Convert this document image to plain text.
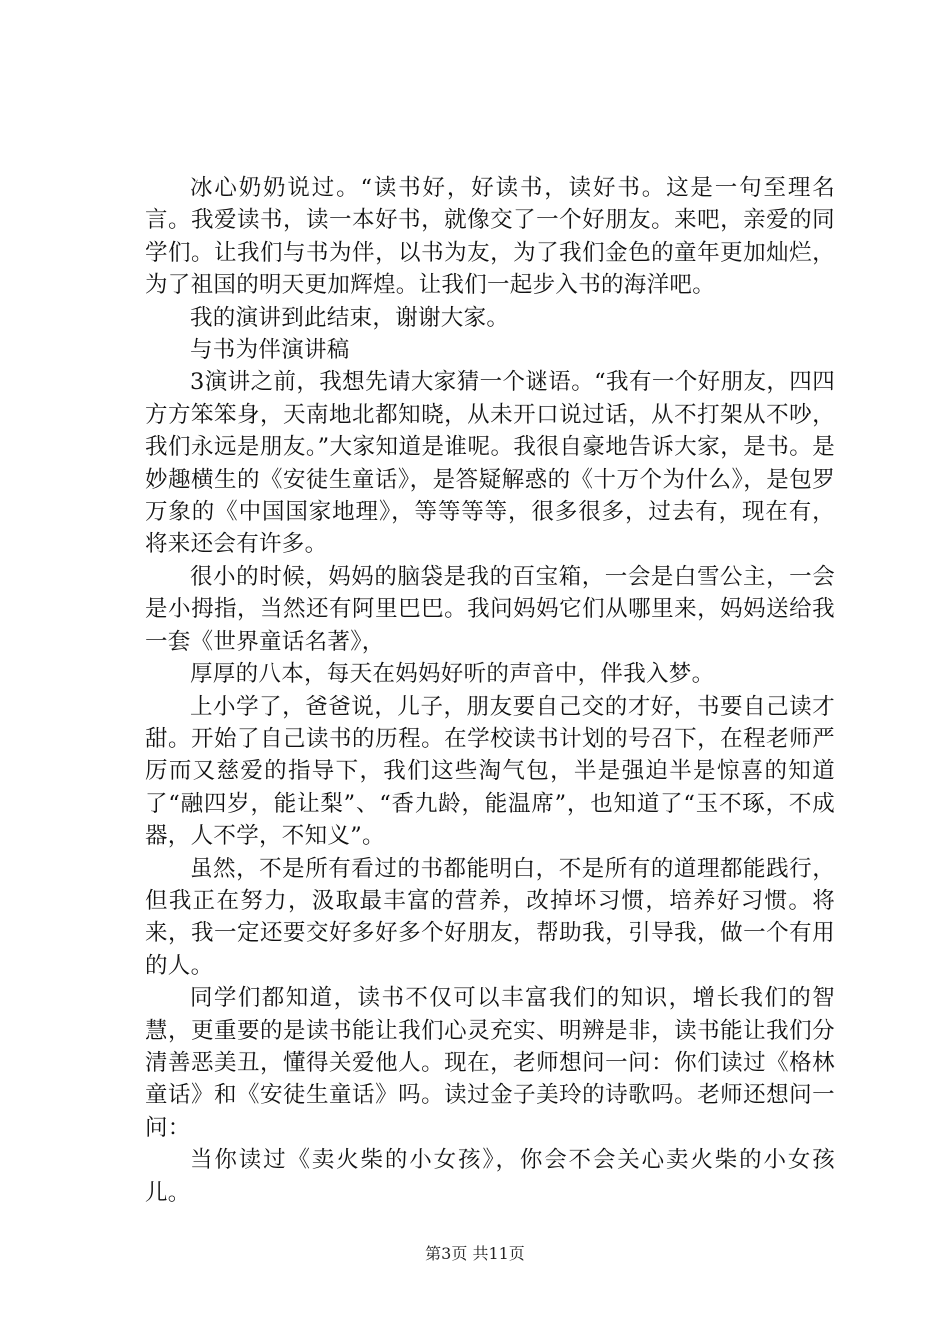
冰心奶奶说过。“读书好，好读书，读好书。这是一句至理名言。我爱读书，读一本好书，就像交了一个好朋友。来吧，亲爱的同学们。让我们与书为伴，以书为友，为了我们金色的童年更加灿烂，为了祖国的明天更加辉煌。让我们一起步入书的海洋吧。

我的演讲到此结束，谢谢大家。

与书为伴演讲稿

3演讲之前，我想先请大家猜一个谜语。“我有一个好朋友，四四方方笨笨身，天南地北都知晓，从未开口说过话，从不打架从不吵，我们永远是朋友。”大家知道是谁呢。我很自豪地告诉大家，是书。是妙趣横生的《安徒生童话》，是答疑解惑的《十万个为什么》，是包罗万象的《中国国家地理》，等等等等，很多很多，过去有，现在有，将来还会有许多。

很小的时候，妈妈的脑袋是我的百宝箱，一会是白雪公主，一会是小拇指，当然还有阿里巴巴。我问妈妈它们从哪里来，妈妈送给我一套《世界童话名著》，

厚厚的八本，每天在妈妈好听的声音中，伴我入梦。

上小学了，爸爸说，儿子，朋友要自己交的才好，书要自己读才甜。开始了自己读书的历程。在学校读书计划的号召下，在程老师严厉而又慈爱的指导下，我们这些淘气包，半是强迫半是惊喜的知道了“融四岁，能让梨”、“香九龄，能温席”，也知道了“玉不琢，不成器，人不学，不知义”。

虽然，不是所有看过的书都能明白，不是所有的道理都能践行，但我正在努力，汲取最丰富的营养，改掉坏习惯，培养好习惯。将来，我一定还要交好多好多个好朋友，帮助我，引导我，做一个有用的人。

同学们都知道，读书不仅可以丰富我们的知识，增长我们的智慧，更重要的是读书能让我们心灵充实、明辨是非，读书能让我们分清善恶美丑，懂得关爱他人。现在，老师想问一问：你们读过《格林童话》和《安徒生童话》吗。读过金子美玲的诗歌吗。老师还想问一问：

当你读过《卖火柴的小女孩》，你会不会关心卖火柴的小女孩儿。

第3页 共11页
